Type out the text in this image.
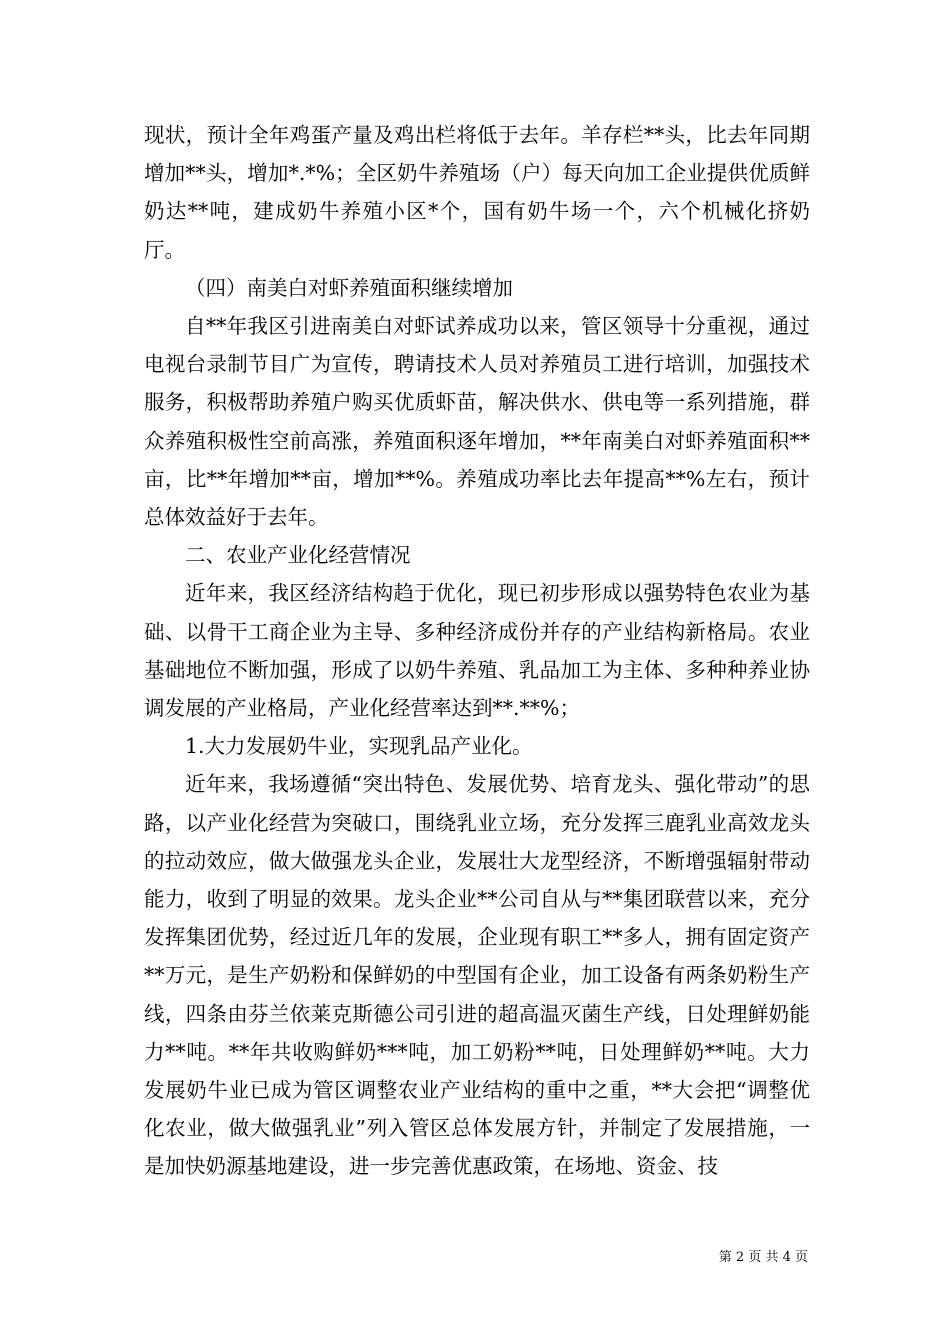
现状，预计全年鸡蛋产量及鸡出栏将低于去年。羊存栏**头，比去年同期增加**头，增加*.*%；全区奶牛养殖场（户）每天向加工企业提供优质鲜奶达**吨，建成奶牛养殖小区*个，国有奶牛场一个，六个机械化挤奶厅。

（四）南美白对虾养殖面积继续增加

自**年我区引进南美白对虾试养成功以来，管区领导十分重视，通过电视台录制节目广为宣传，聘请技术人员对养殖员工进行培训，加强技术服务，积极帮助养殖户购买优质虾苗，解决供水、供电等一系列措施，群众养殖积极性空前高涨，养殖面积逐年增加，**年南美白对虾养殖面积**亩，比**年增加**亩，增加**%。养殖成功率比去年提高**%左右，预计总体效益好于去年。

二、农业产业化经营情况

近年来，我区经济结构趋于优化，现已初步形成以强势特色农业为基础、以骨干工商企业为主导、多种经济成份并存的产业结构新格局。农业基础地位不断加强，形成了以奶牛养殖、乳品加工为主体、多种种养业协调发展的产业格局，产业化经营率达到**.**%；

1.大力发展奶牛业，实现乳品产业化。

近年来，我场遵循“突出特色、发展优势、培育龙头、强化带动”的思路，以产业化经营为突破口，围绕乳业立场，充分发挥三鹿乳业高效龙头的拉动效应，做大做强龙头企业，发展壮大龙型经济，不断增强辐射带动能力，收到了明显的效果。龙头企业**公司自从与**集团联营以来，充分发挥集团优势，经过近几年的发展，企业现有职工**多人，拥有固定资产**万元，是生产奶粉和保鲜奶的中型国有企业，加工设备有两条奶粉生产线，四条由芬兰依莱克斯德公司引进的超高温灭菌生产线，日处理鲜奶能力**吨。**年共收购鲜奶***吨，加工奶粉**吨，日处理鲜奶**吨。大力发展奶牛业已成为管区调整农业产业结构的重中之重，**大会把“调整优化农业，做大做强乳业”列入管区总体发展方针，并制定了发展措施，一是加快奶源基地建设，进一步完善优惠政策，在场地、资金、技

第 2 页 共 4 页
